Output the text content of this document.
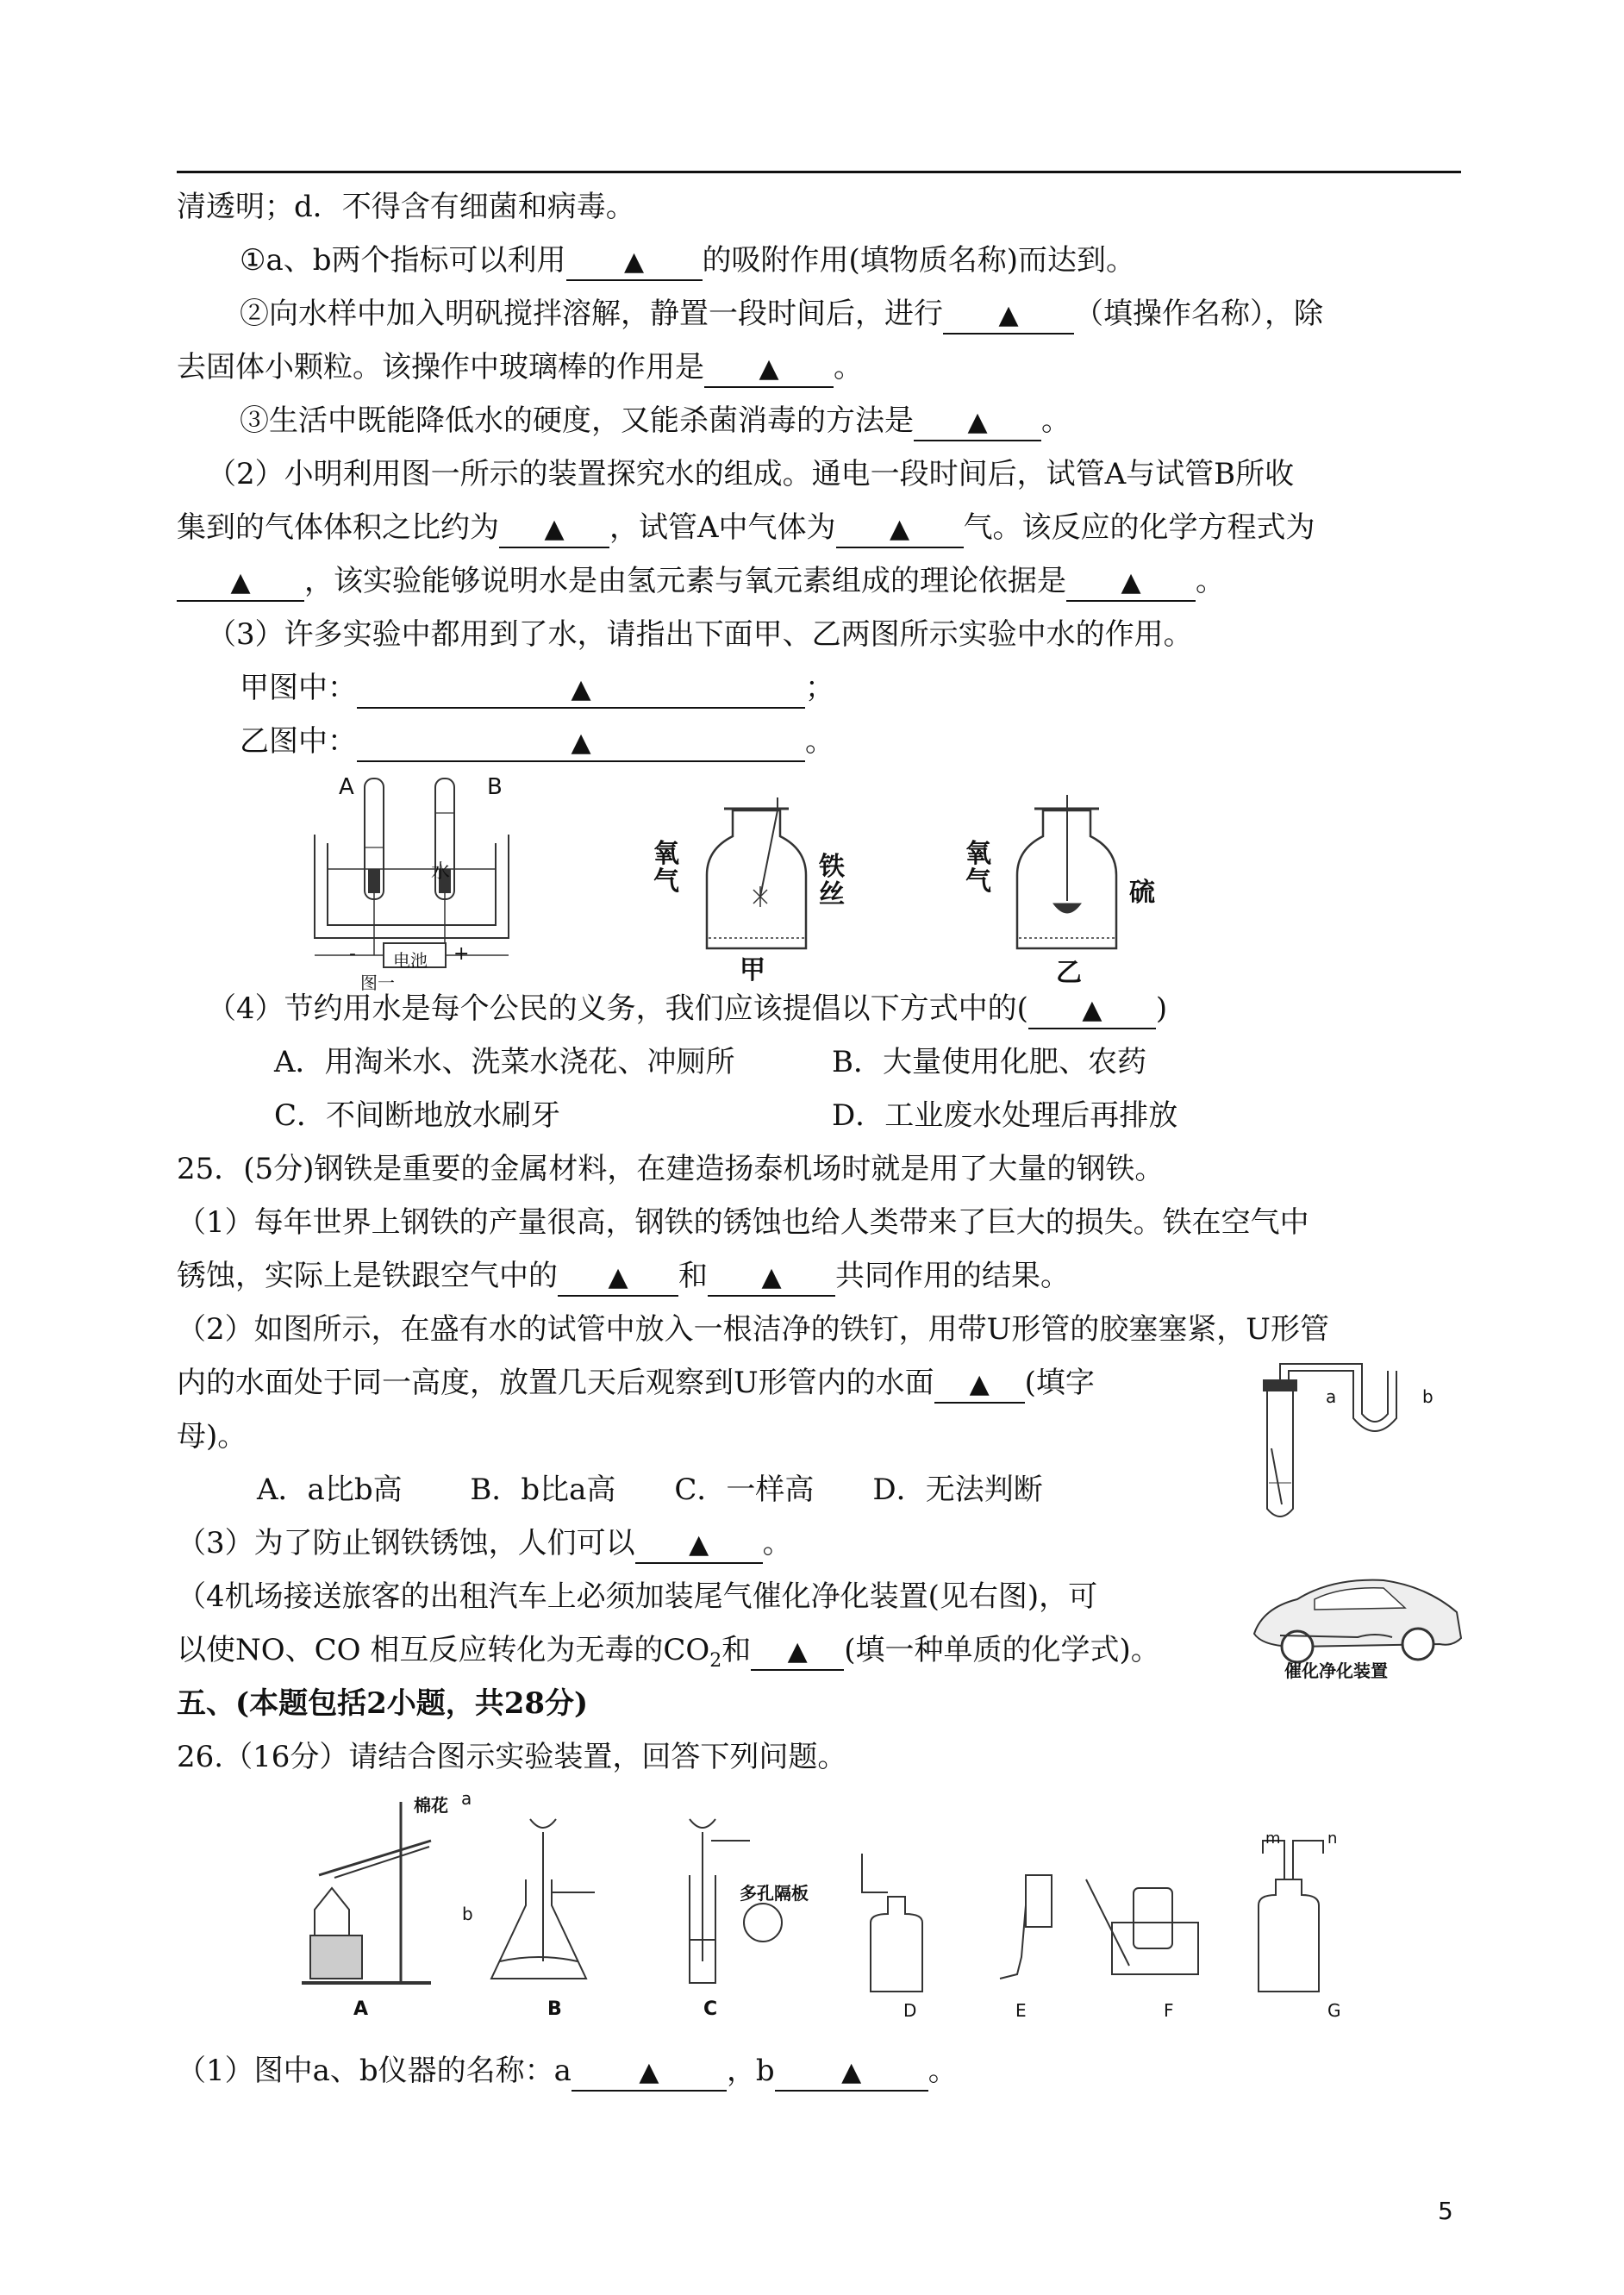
清透明；d．不得含有细菌和病毒。
①a、b两个指标可以利用 ▲ 的吸附作用(填物质名称)而达到。
②向水样中加入明矾搅拌溶解，静置一段时间后，进行 ▲ （填操作名称），除
去固体小颗粒。该操作中玻璃棒的作用是 ▲ 。
③生活中既能降低水的硬度，又能杀菌消毒的方法是 ▲ 。
（2）小明利用图一所示的装置探究水的组成。通电一段时间后，试管A与试管B所收
集到的气体体积之比约为 ▲ ，试管A中气体为 ▲ 气。该反应的化学方程式为
▲ ，该实验能够说明水是由氢元素与氧元素组成的理论依据是 ▲ 。
（3）许多实验中都用到了水，请指出下面甲、乙两图所示实验中水的作用。
甲图中：	▲	；
乙图中：	▲	。
A	B
水
电池
-	+
图一
氧气	铁丝
甲
氧气	硫
乙
（4）节约用水是每个公民的义务，我们应该提倡以下方式中的( ▲ )
A．用淘米水、洗菜水浇花、冲厕所	B．大量使用化肥、农药
C．不间断地放水刷牙	D．工业废水处理后再排放
25．(5分)钢铁是重要的金属材料，在建造扬泰机场时就是用了大量的钢铁。
（1）每年世界上钢铁的产量很高，钢铁的锈蚀也给人类带来了巨大的损失。铁在空气中
锈蚀，实际上是铁跟空气中的 ▲ 和 ▲ 共同作用的结果。
（2）如图所示，在盛有水的试管中放入一根洁净的铁钉，用带U形管的胶塞塞紧，U形管
内的水面处于同一高度，放置几天后观察到U形管内的水面 ▲ (填字
母)。
a	b
A．a比b高　　 B．b比a高　　C．一样高　　D．无法判断
（3）为了防止钢铁锈蚀，人们可以 ▲ 。
（4机场接送旅客的出租汽车上必须加装尾气催化净化装置(见右图)，可
以使NO、CO 相互反应转化为无毒的$CO_2$和 ▲ (填一种单质的化学式)。
催化净化装置
五、(本题包括2小题，共28分)
26.（16分）请结合图示实验装置，回答下列问题。
棉花 a
b
多孔隔板
m	n
A	B	C	D	E	F	G
（1）图中a、b仪器的名称：a	▲ ，b	▲ 。
5
